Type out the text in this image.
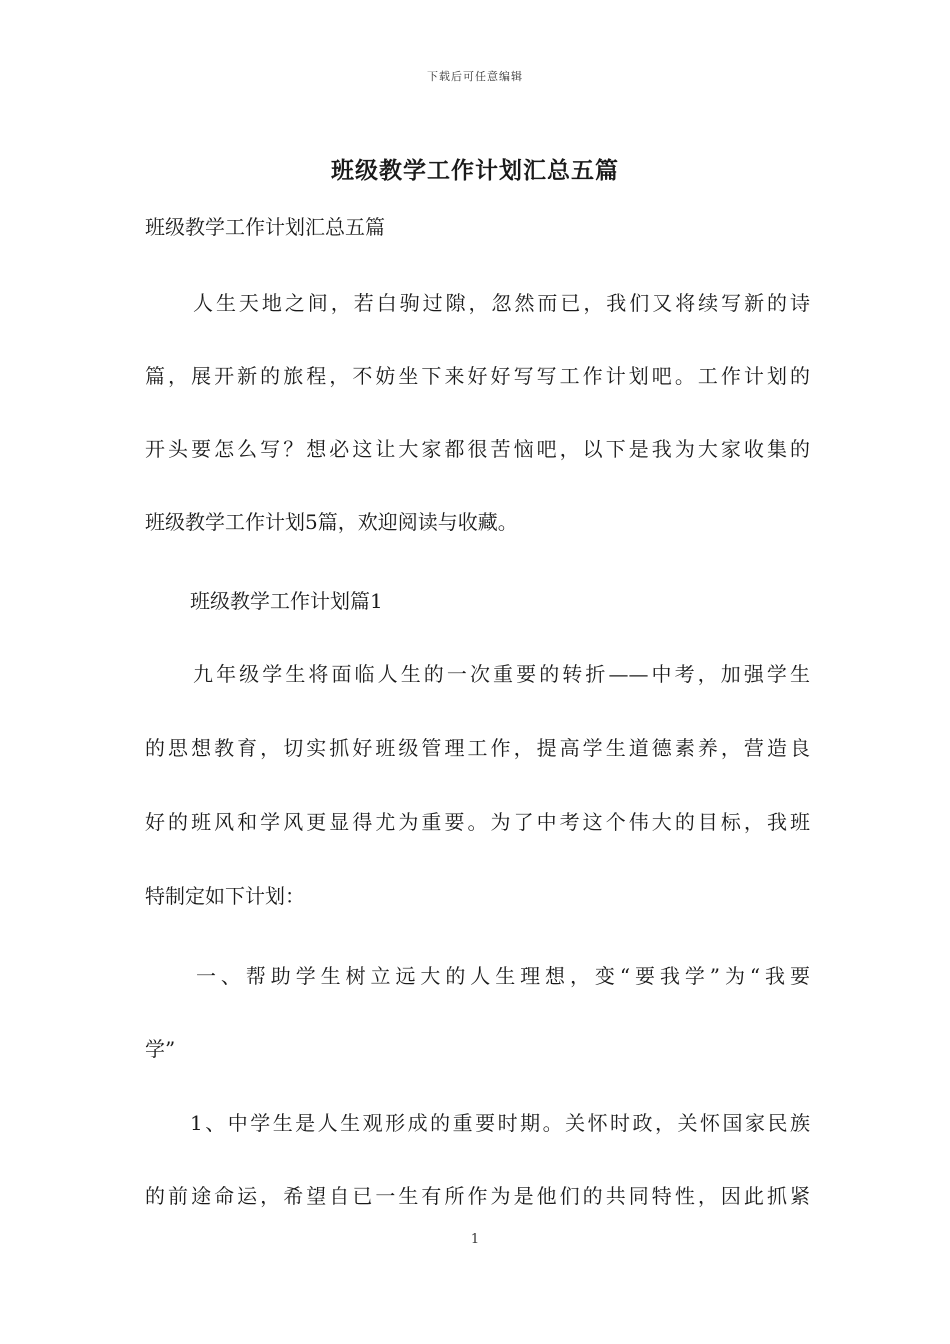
下载后可任意编辑
班级教学工作计划汇总五篇

班级教学工作计划汇总五篇

人生天地之间，若白驹过隙，忽然而已，我们又将续写新的诗

篇，展开新的旅程，不妨坐下来好好写写工作计划吧。工作计划的

开头要怎么写？想必这让大家都很苦恼吧，以下是我为大家收集的

班级教学工作计划5篇，欢迎阅读与收藏。

班级教学工作计划篇1

九年级学生将面临人生的一次重要的转折——中考，加强学生

的思想教育，切实抓好班级管理工作，提高学生道德素养，营造良

好的班风和学风更显得尤为重要。为了中考这个伟大的目标，我班

特制定如下计划：

一、帮助学生树立远大的人生理想，变“要我学”为“我要

学”

1、中学生是人生观形成的重要时期。关怀时政，关怀国家民族

的前途命运，希望自已一生有所作为是他们的共同特性，因此抓紧

1
